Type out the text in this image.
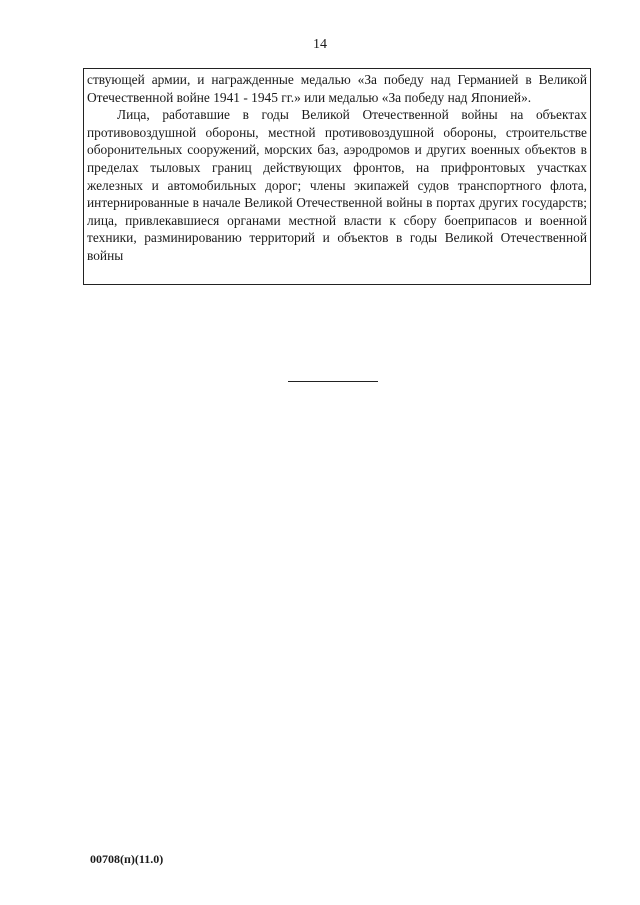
14

ствующей армии, и награжденные медалью «За победу над Германией в Великой Отечественной войне 1941 - 1945 гг.» или медалью «За победу над Японией».

Лица, работавшие в годы Великой Отечественной войны на объектах противовоздушной обороны, местной противовоздушной обороны, строительстве оборонительных сооружений, морских баз, аэродромов и других военных объектов в пределах тыловых границ действующих фронтов, на прифронтовых участках железных и автомобильных дорог; члены экипажей судов транспортного флота, интернированные в начале Великой Отечественной войны в портах других государств; лица, привлекавшиеся органами местной власти к сбору боеприпасов и военной техники, разминированию территорий и объектов в годы Великой Отечественной войны

00708(п)(11.0)
